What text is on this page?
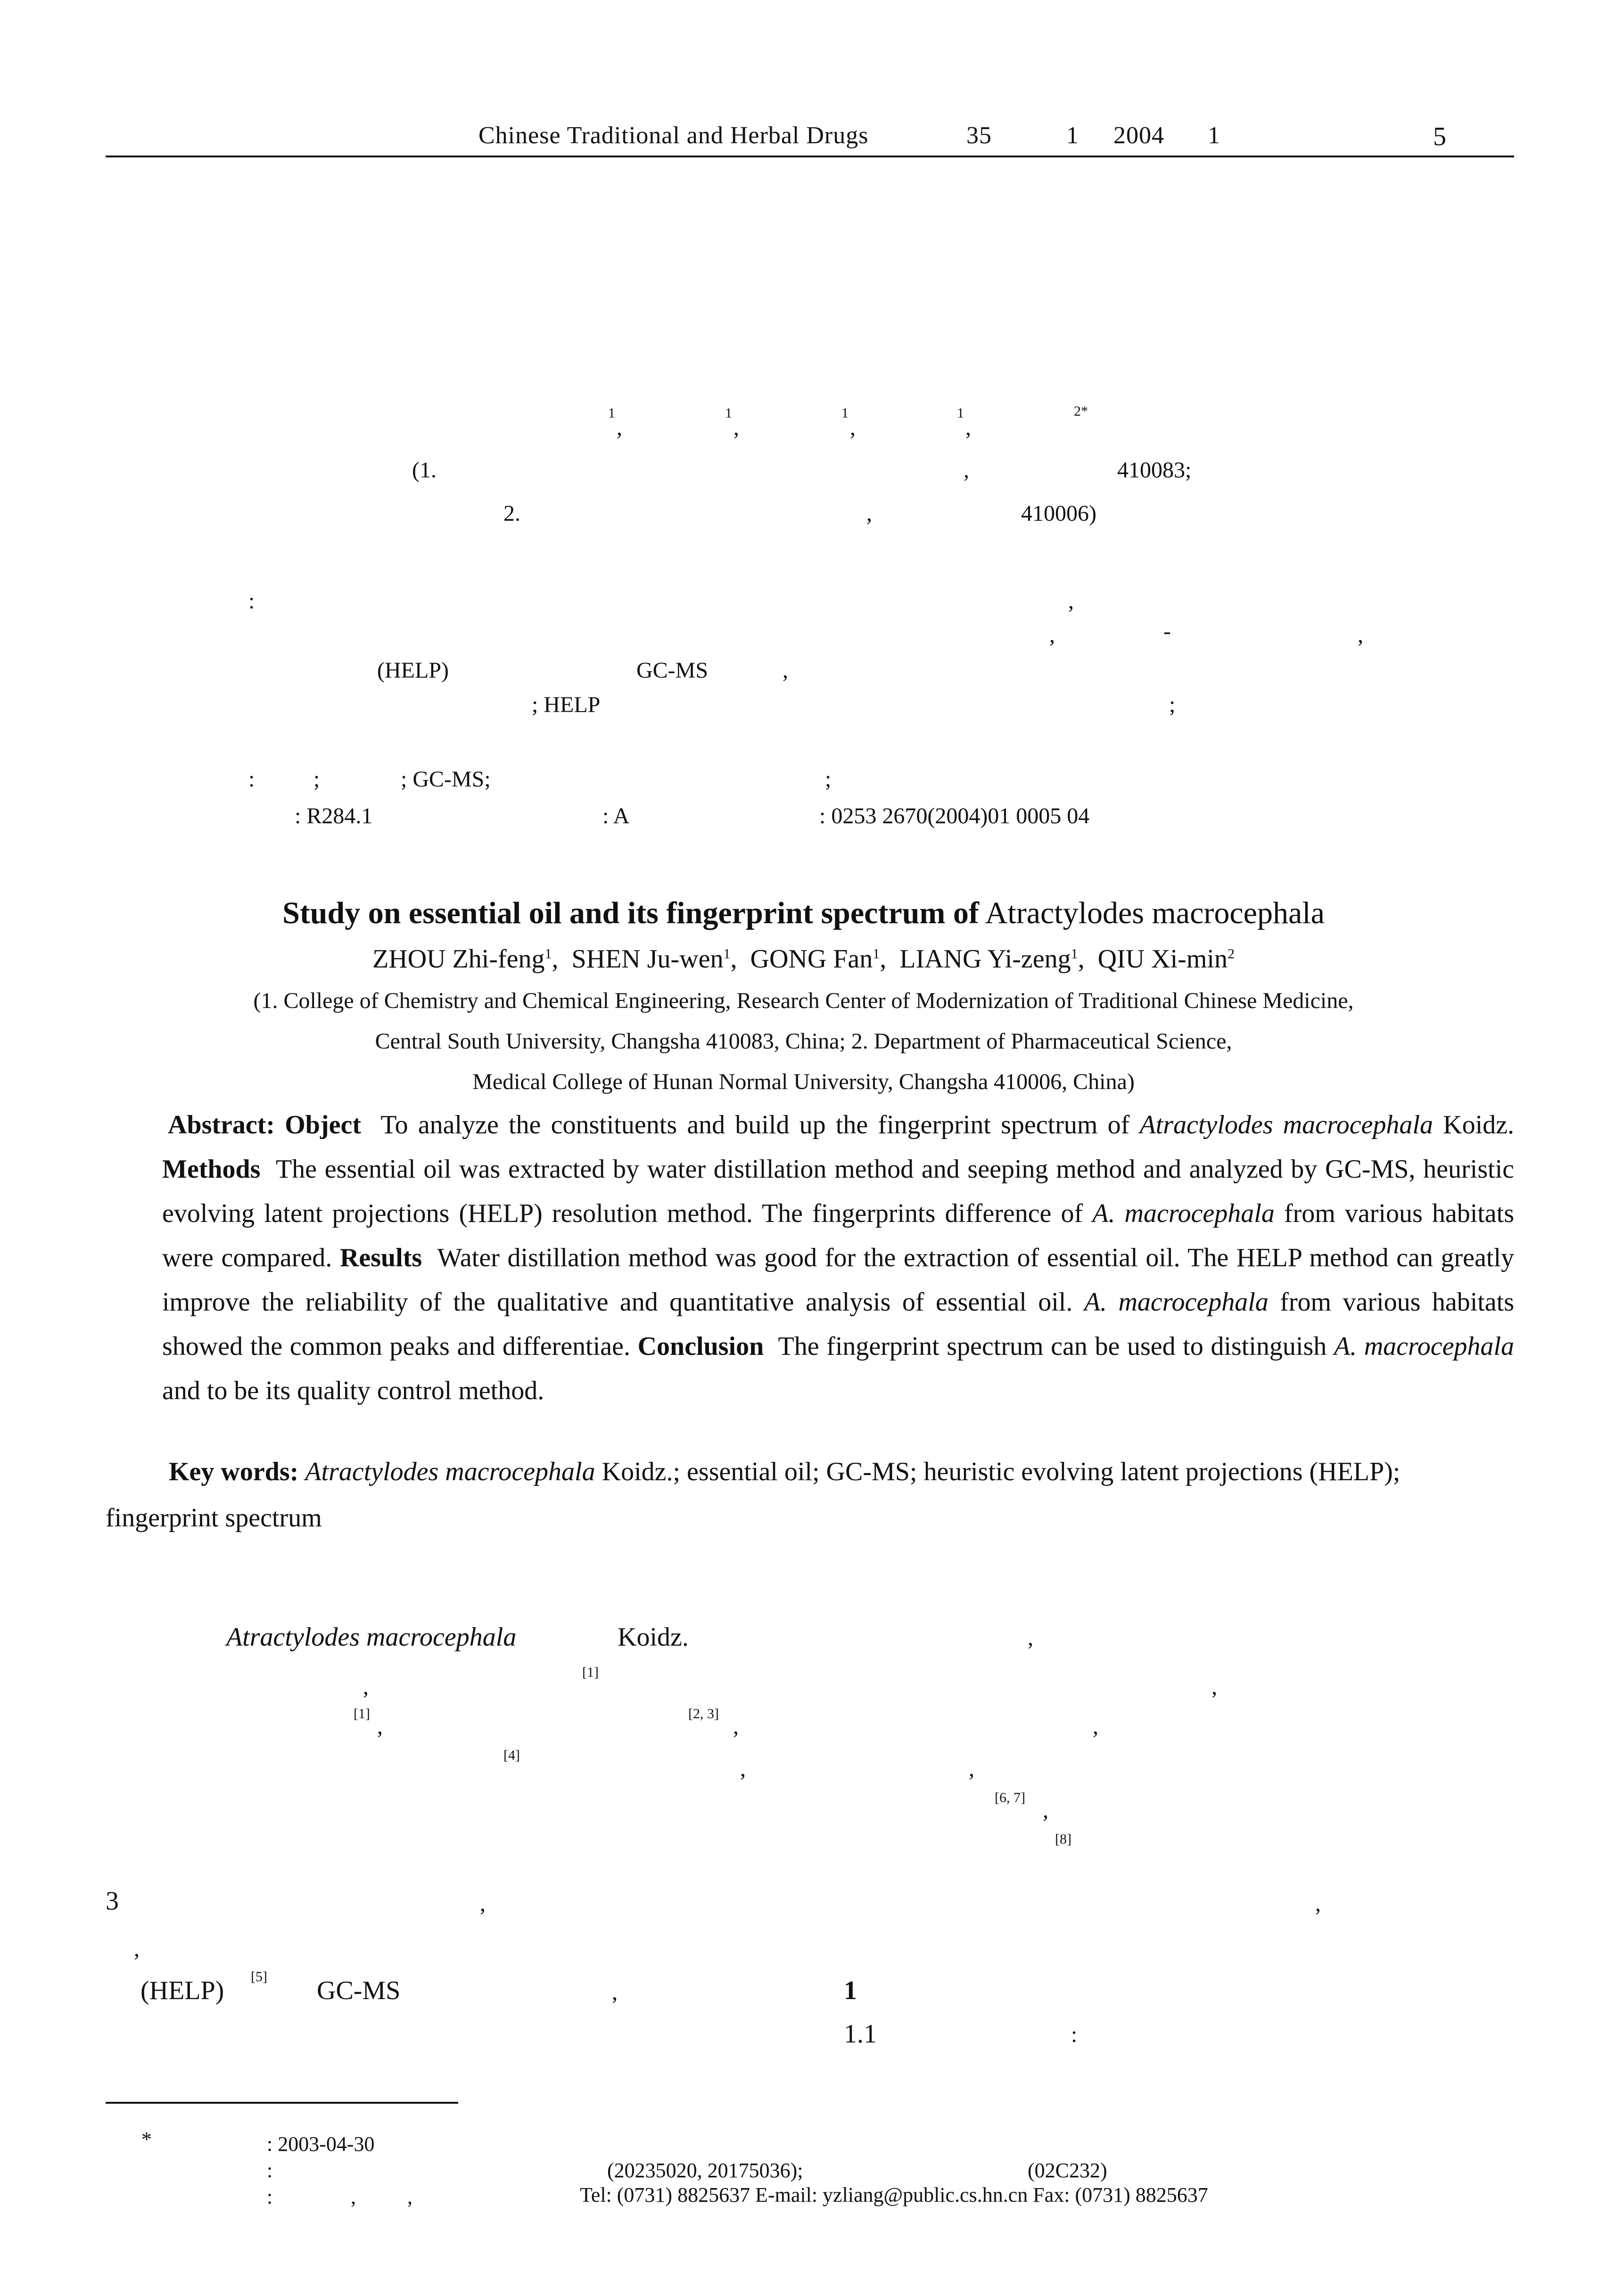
Chinese Traditional and Herbal Drugs	35	1 2004 1	5
1
,
1
,
1
,
1
,
2*
(1.	,	410083;
2.	,	410006)
:	,
,	-	,
(HELP)	GC-MS	,
; HELP	;
:	;	; GC-MS;	;
: R284.1	: A	: 0253 2670(2004)01 0005 04
Study on essential oil and its fingerprint spectrum of Atractylodes macrocephala
ZHOU Zhi-feng$^1$,  SHEN Ju-wen$^1$,  GONG Fan$^1$,  LIANG Yi-zeng$^1$,  QIU $Xi-\min^2$
(1. College of Chemistry and Chemical Engineering, Research Center of Modernization of Traditional Chinese Medicine,
Central South University, Changsha 410083, China; 2. Department of Pharmaceutical Science,
Medical College of Hunan Normal University, Changsha 410006, China)
Abstract: Object To analyze the constituents and build up the fingerprint spectrum of Atractylodes macrocephala Koidz. Methods The essential oil was extracted by water distillation method and seeping method and analyzed by GC-MS, heuristic evolving latent projections (HELP) resolution method. The fingerprints difference of A. macrocephala from various habitats were compared. Results Water distillation method was good for the extraction of essential oil. The HELP method can greatly improve the reliability of the qualitative and quantitative analysis of essential oil. A. macrocephala from various habitats showed the common peaks and differentiae. Conclusion The fingerprint spectrum can be used to distinguish A. macrocephala and to be its quality control method.
Key words: Atractylodes macrocephala Koidz.; essential oil; GC-MS; heuristic evolving latent projections (HELP); fingerprint spectrum
Atractylodes macrocephala	Koidz.	,
,
[1]
,
[1]
,
[2, 3]
,	,
[4]
,	,
[6, 7]
,
[8]
3	,	,
,
(HELP) [5] GC-MS	,	1
1.1	:
*	: 2003-04-30
:	(20235020, 20175036);	(02C232)
:	, ,	Tel: (0731) 8825637 E-mail: yzliang@public.cs.hn.cn Fax: (0731) 8825637
